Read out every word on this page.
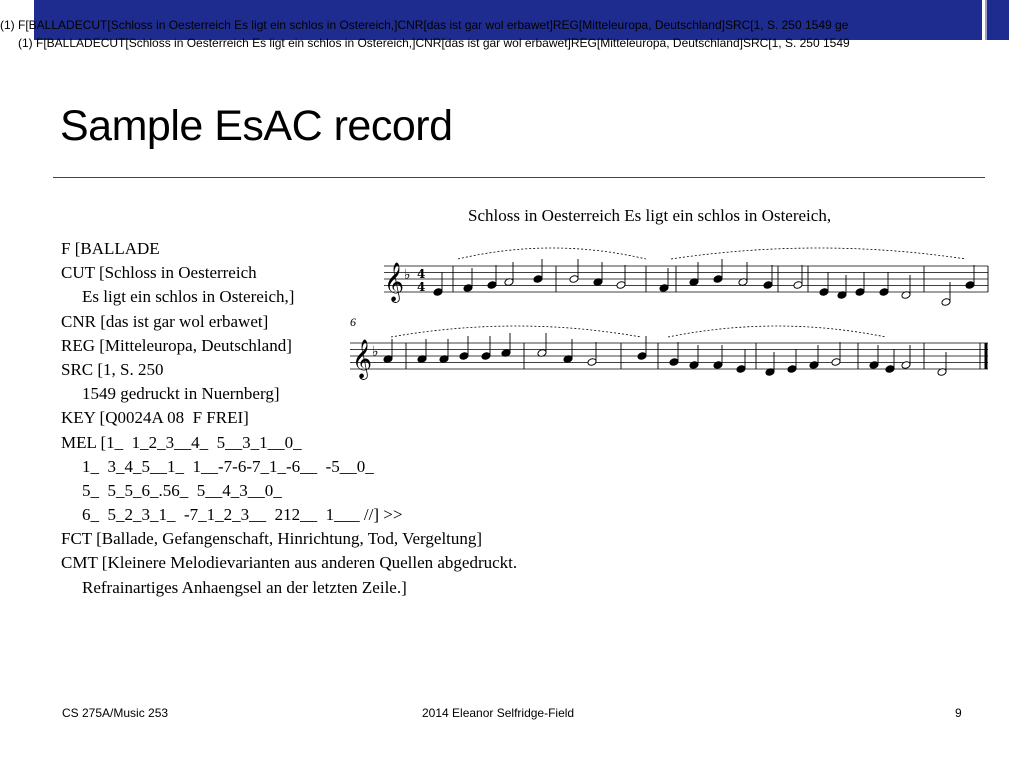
(1) F[BALLADECUT[Schloss in Oesterreich Es ligt ein schlos in Ostereich,]CNR[das ist gar wol erbawet]REG[Mitteleuropa, Deutschland]SRC[1, S. 250 1549 ge
(1) F[BALLADECUT[Schloss in Oesterreich Es ligt ein schlos in Ostereich,]CNR[das ist gar wol erbawet]REG[Mitteleuropa, Deutschland]SRC[1, S. 250 1549
Sample EsAC record
F [BALLADE
CUT [Schloss in Oesterreich
Es ligt ein schlos in Ostereich,]
CNR [das ist gar wol erbawet]
REG [Mitteleuropa, Deutschland]
SRC [1, S. 250
1549 gedruckt in Nuernberg]
KEY [Q0024A 08  F FREI]
MEL [1_  1_2_3__4_  5__3_1__0_
1_  3_4_5__1_  1__-7-6-7_1_-6__  -5__0_
5_  5_5_6_.56_  5__4_3__0_
6_  5_2_3_1_  -7_1_2_3__  212__  1___ //] >>
FCT [Ballade, Gefangenschaft, Hinrichtung, Tod, Vergeltung]
CMT [Kleinere Melodievarianten aus anderen Quellen abgedruckt.
Refrainartiges Anhaengsel an der letzten Zeile.]
Schloss in Oesterreich Es ligt ein schlos in Ostereich,
6
𝄞 ♭ 4
4
𝄞 ♭
CS 275A/Music 253	2014 Eleanor Selfridge-Field	9
